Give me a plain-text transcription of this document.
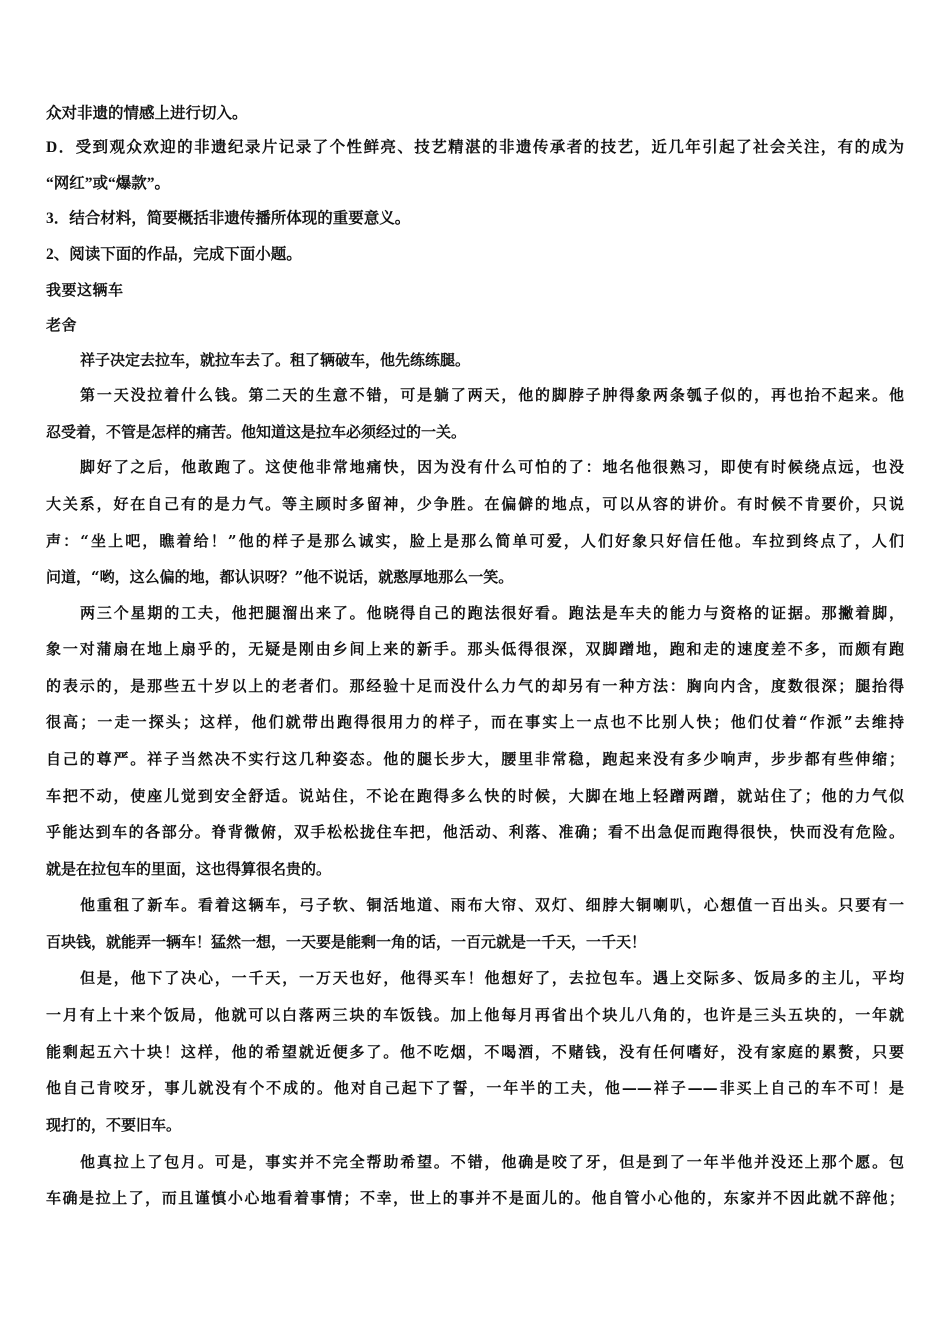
众对非遗的情感上进行切入。
D．受到观众欢迎的非遗纪录片记录了个性鲜亮、技艺精湛的非遗传承者的技艺，近几年引起了社会关注，有的成为
“网红”或“爆款”。
3．结合材料，简要概括非遗传播所体现的重要意义。
2、阅读下面的作品，完成下面小题。
我要这辆车
老舍
祥子决定去拉车，就拉车去了。租了辆破车，他先练练腿。
第一天没拉着什么钱。第二天的生意不错，可是躺了两天，他的脚脖子肿得象两条瓠子似的，再也抬不起来。他
忍受着，不管是怎样的痛苦。他知道这是拉车必须经过的一关。
脚好了之后，他敢跑了。这使他非常地痛快，因为没有什么可怕的了：地名他很熟习，即使有时候绕点远，也没
大关系，好在自己有的是力气。等主顾时多留神，少争胜。在偏僻的地点，可以从容的讲价。有时候不肯要价，只说
声：“坐上吧，瞧着给！”他的样子是那么诚实，脸上是那么简单可爱，人们好象只好信任他。车拉到终点了，人们
问道，“哟，这么偏的地，都认识呀？”他不说话，就憨厚地那么一笑。
两三个星期的工夫，他把腿溜出来了。他晓得自己的跑法很好看。跑法是车夫的能力与资格的证据。那撇着脚，
象一对蒲扇在地上扇乎的，无疑是刚由乡间上来的新手。那头低得很深，双脚蹭地，跑和走的速度差不多，而颇有跑
的表示的，是那些五十岁以上的老者们。那经验十足而没什么力气的却另有一种方法：胸向内含，度数很深；腿抬得
很高；一走一探头；这样，他们就带出跑得很用力的样子，而在事实上一点也不比别人快；他们仗着“作派”去维持
自己的尊严。祥子当然决不实行这几种姿态。他的腿长步大，腰里非常稳，跑起来没有多少响声，步步都有些伸缩；
车把不动，使座儿觉到安全舒适。说站住，不论在跑得多么快的时候，大脚在地上轻蹭两蹭，就站住了；他的力气似
乎能达到车的各部分。脊背微俯，双手松松拢住车把，他活动、利落、准确；看不出急促而跑得很快，快而没有危险。
就是在拉包车的里面，这也得算很名贵的。
他重租了新车。看着这辆车，弓子软、铜活地道、雨布大帘、双灯、细脖大铜喇叭，心想值一百出头。只要有一
百块钱，就能弄一辆车！猛然一想，一天要是能剩一角的话，一百元就是一千天，一千天！
但是，他下了决心，一千天，一万天也好，他得买车！他想好了，去拉包车。遇上交际多、饭局多的主儿，平均
一月有上十来个饭局，他就可以白落两三块的车饭钱。加上他每月再省出个块儿八角的，也许是三头五块的，一年就
能剩起五六十块！这样，他的希望就近便多了。他不吃烟，不喝酒，不赌钱，没有任何嗜好，没有家庭的累赘，只要
他自己肯咬牙，事儿就没有个不成的。他对自己起下了誓，一年半的工夫，他——祥子——非买上自己的车不可！是
现打的，不要旧车。
他真拉上了包月。可是，事实并不完全帮助希望。不错，他确是咬了牙，但是到了一年半他并没还上那个愿。包
车确是拉上了，而且谨慎小心地看着事情；不幸，世上的事并不是面儿的。他自管小心他的，东家并不因此就不辞他；
